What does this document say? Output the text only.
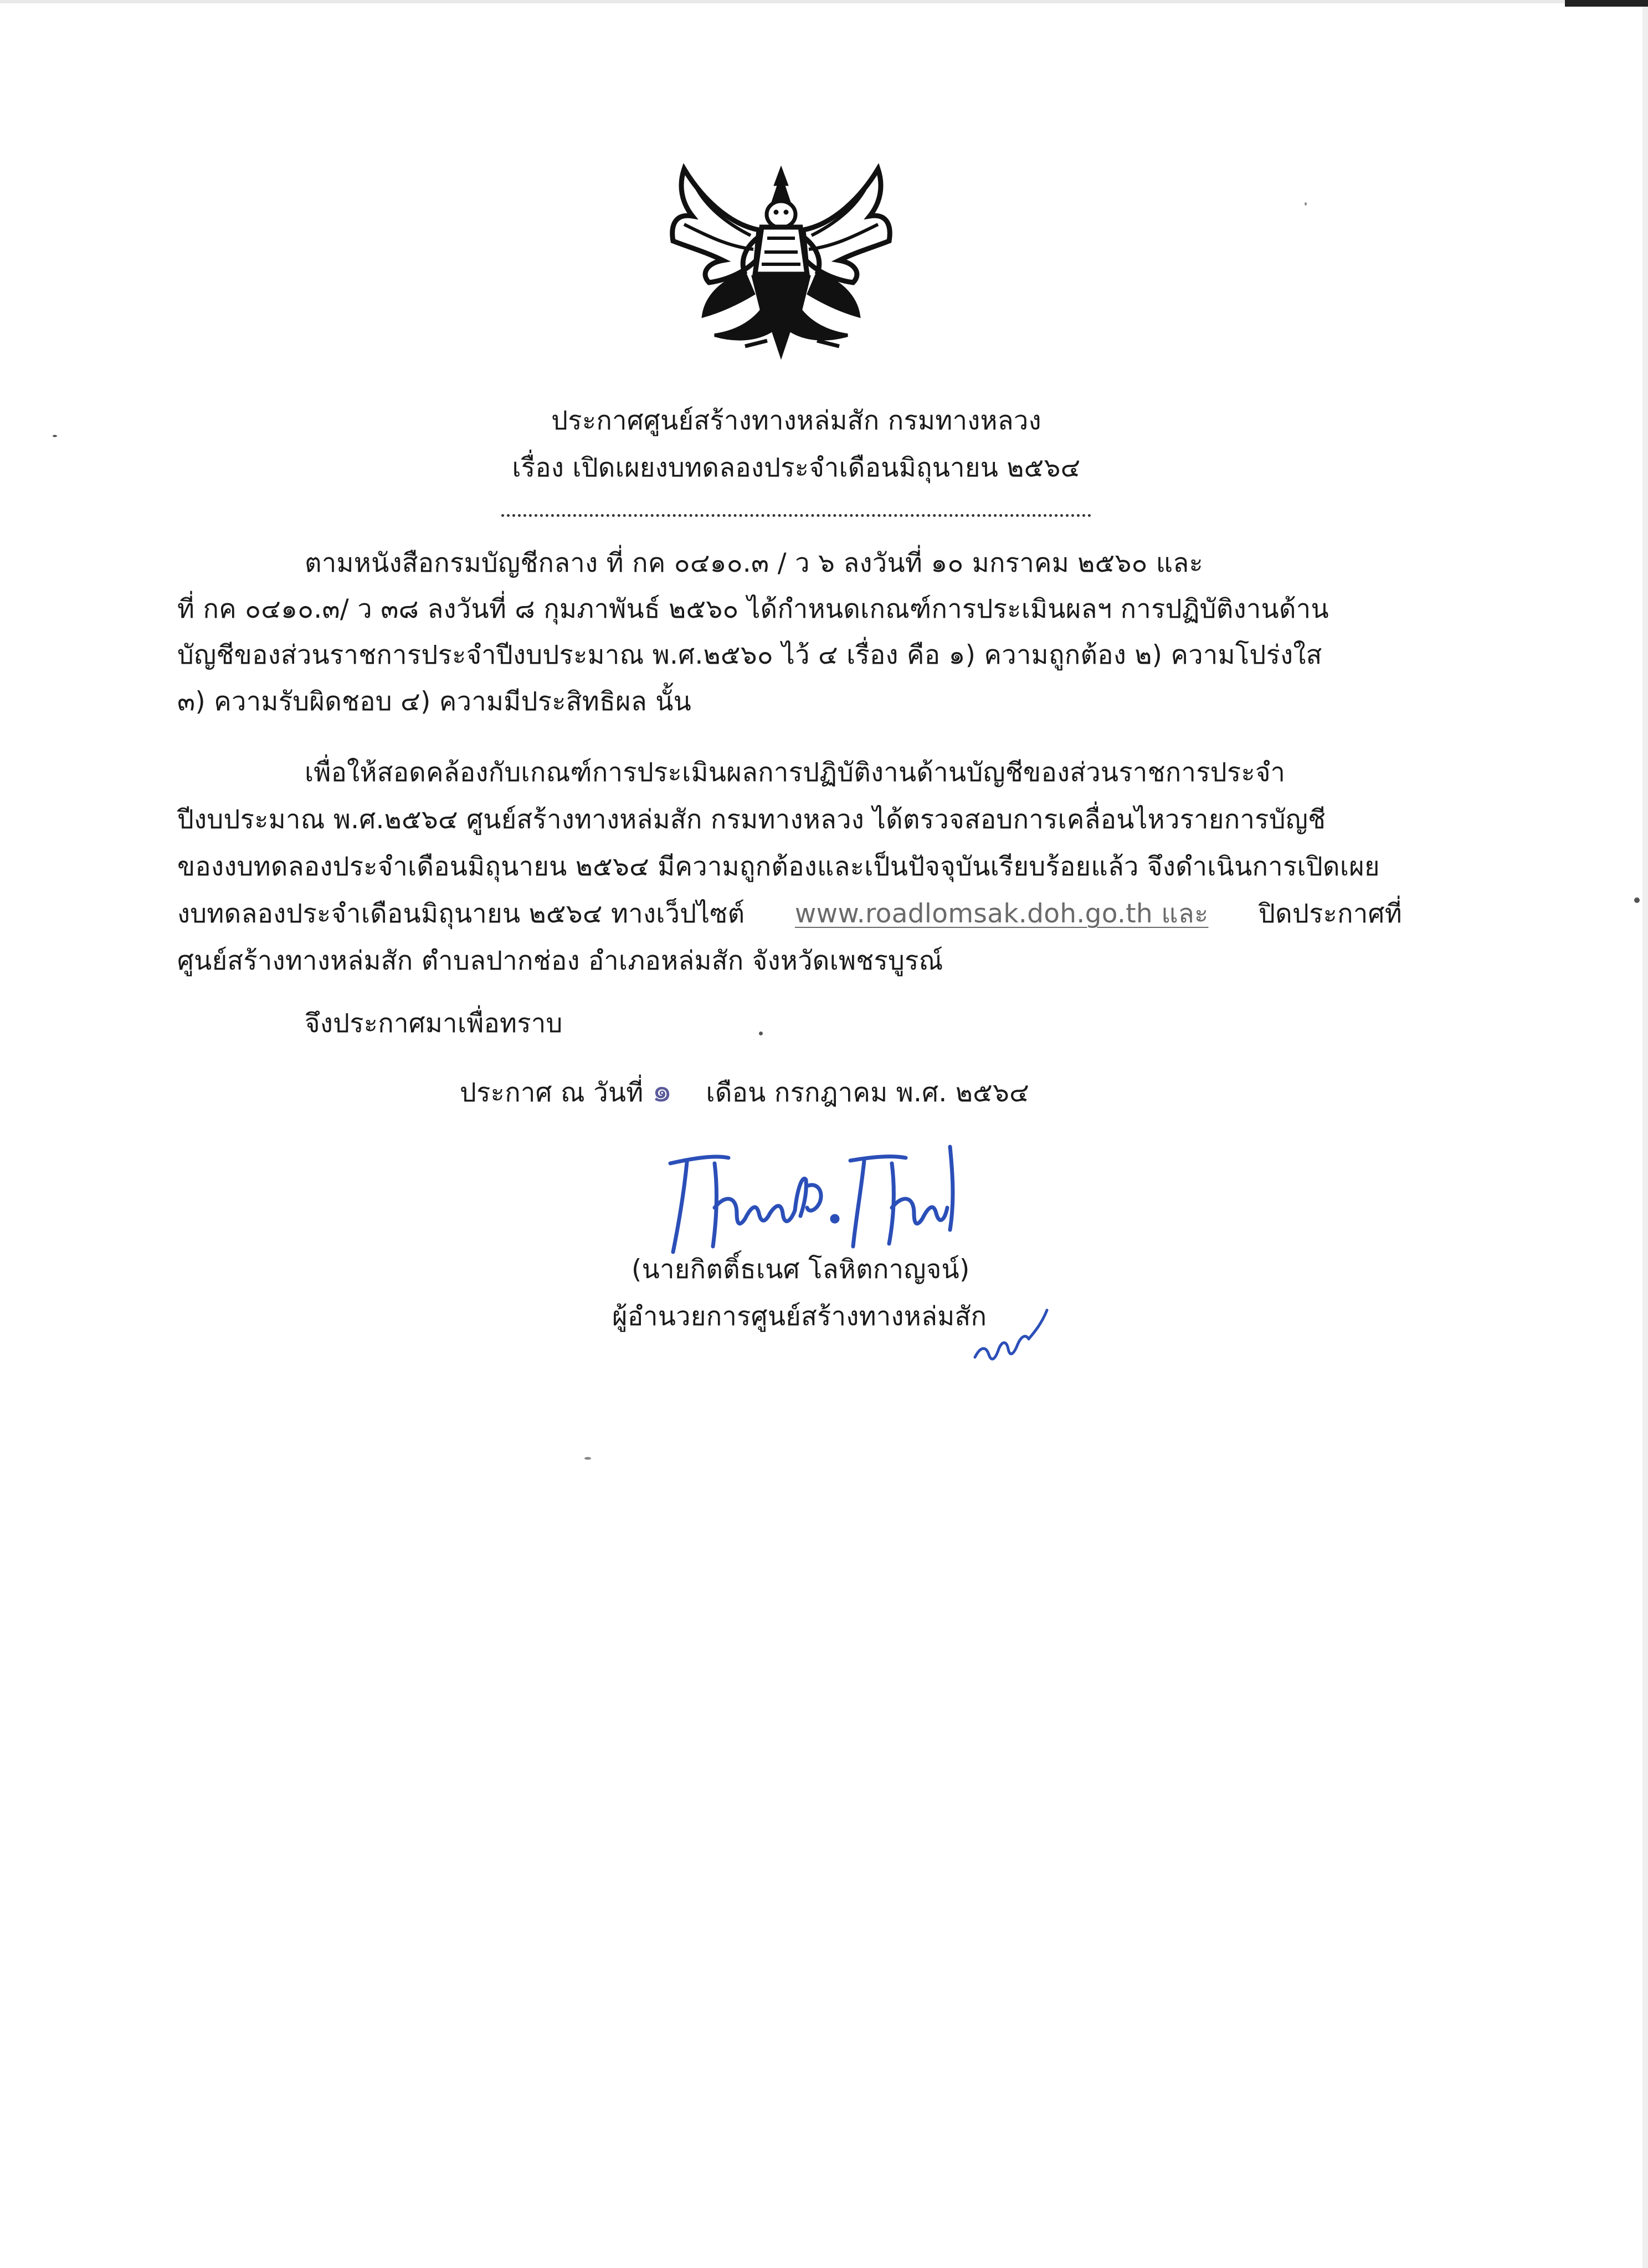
ประกาศศูนย์สร้างทางหล่มสัก กรมทางหลวง
เรื่อง เปิดเผยงบทดลองประจำเดือนมิถุนายน ๒๕๖๔
ตามหนังสือกรมบัญชีกลาง ที่ กค ๐๔๑๐.๓ / ว ๖ ลงวันที่ ๑๐ มกราคม ๒๕๖๐ และ
ที่ กค ๐๔๑๐.๓/ ว ๓๘ ลงวันที่ ๘ กุมภาพันธ์ ๒๕๖๐ ได้กำหนดเกณฑ์การประเมินผลฯ การปฏิบัติงานด้าน
บัญชีของส่วนราชการประจำปีงบประมาณ พ.ศ.๒๕๖๐ ไว้ ๔ เรื่อง คือ ๑) ความถูกต้อง ๒) ความโปร่งใส
๓) ความรับผิดชอบ ๔) ความมีประสิทธิผล นั้น
เพื่อให้สอดคล้องกับเกณฑ์การประเมินผลการปฏิบัติงานด้านบัญชีของส่วนราชการประจำ
ปีงบประมาณ พ.ศ.๒๕๖๔ ศูนย์สร้างทางหล่มสัก กรมทางหลวง ได้ตรวจสอบการเคลื่อนไหวรายการบัญชี
ของงบทดลองประจำเดือนมิถุนายน ๒๕๖๔ มีความถูกต้องและเป็นปัจจุบันเรียบร้อยแล้ว จึงดำเนินการเปิดเผย
งบทดลองประจำเดือนมิถุนายน ๒๕๖๔ ทางเว็ปไซต์ www.roadlomsak.doh.go.th และ ปิดประกาศที่
ศูนย์สร้างทางหล่มสัก ตำบลปากช่อง อำเภอหล่มสัก จังหวัดเพชรบูรณ์
จึงประกาศมาเพื่อทราบ
ประกาศ ณ วันที่ ๑ เดือน กรกฎาคม พ.ศ. ๒๕๖๔
(นายกิตติ์ธเนศ โลหิตกาญจน์)
ผู้อำนวยการศูนย์สร้างทางหล่มสัก
